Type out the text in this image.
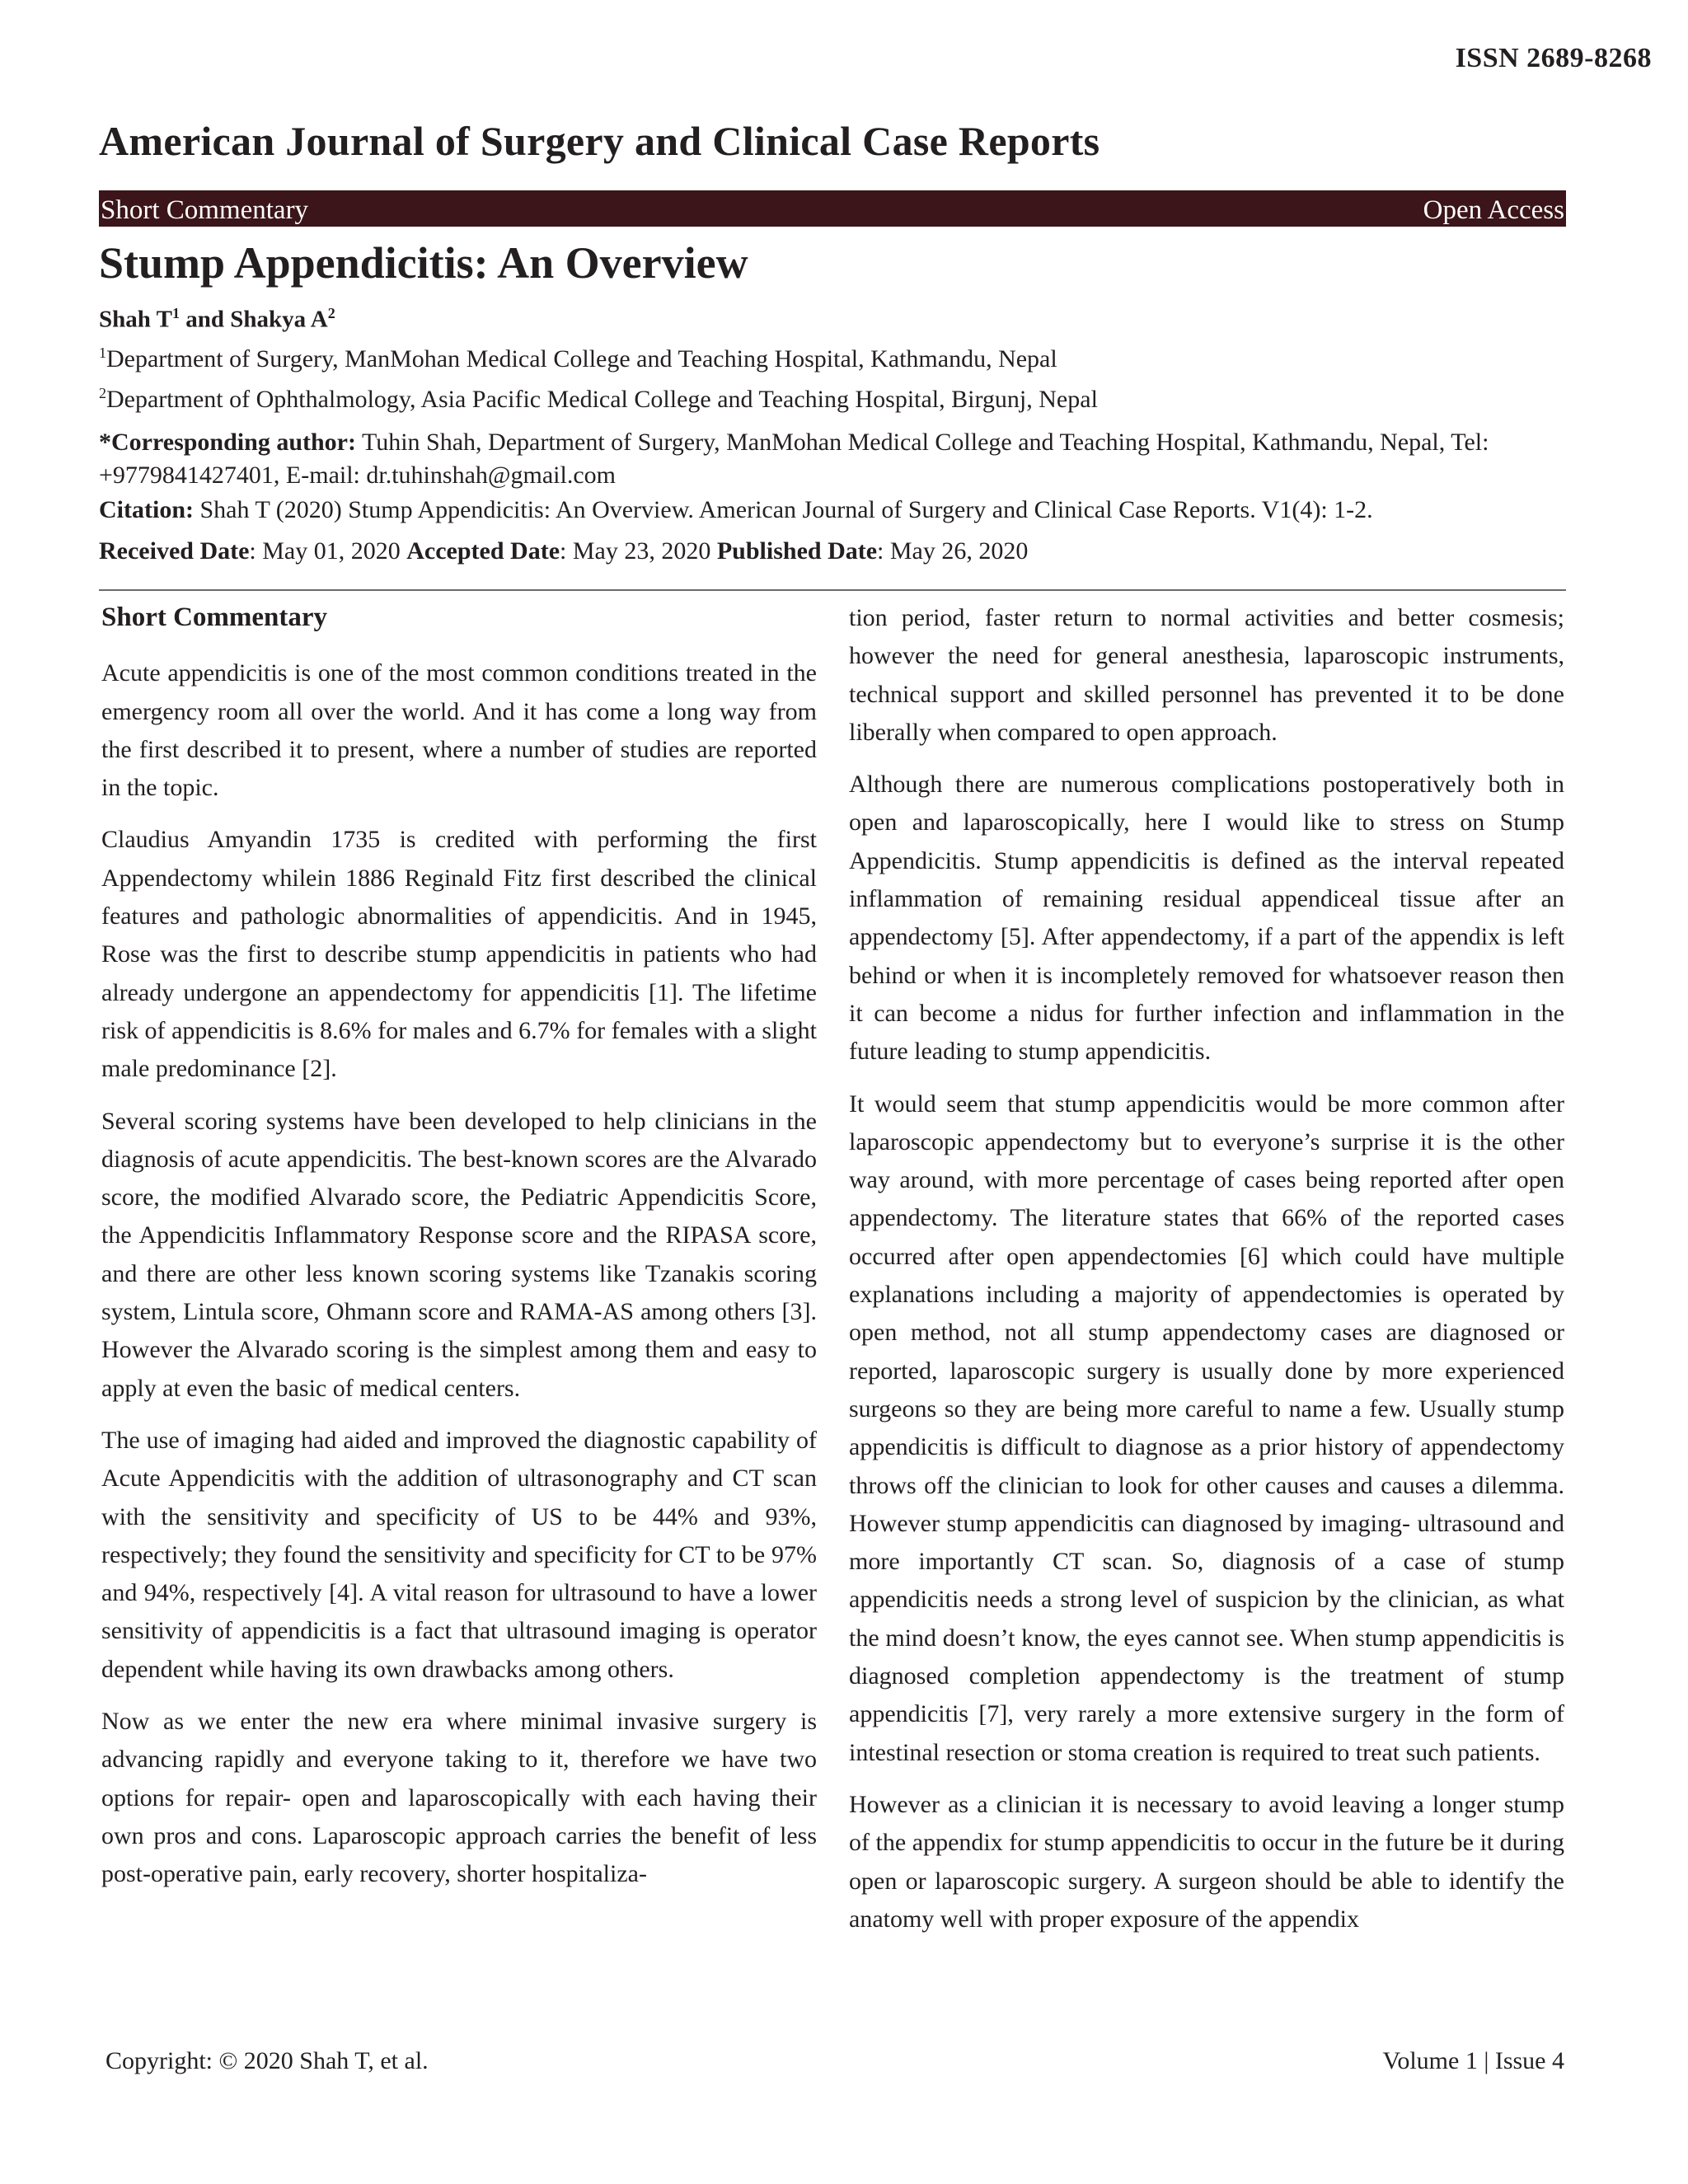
ISSN 2689-8268
American Journal of Surgery and Clinical Case Reports
Short Commentary	Open Access
Stump Appendicitis: An Overview
Shah $T^1$ and Shakya $A^2$
$^1$Department of Surgery, ManMohan Medical College and Teaching Hospital, Kathmandu, Nepal
$^2$Department of Ophthalmology, Asia Pacific Medical College and Teaching Hospital, Birgunj, Nepal
*Corresponding author: Tuhin Shah, Department of Surgery, ManMohan Medical College and Teaching Hospital, Kathmandu, Nepal, Tel: +9779841427401, E-mail: dr.tuhinshah@gmail.com
Citation: Shah T (2020) Stump Appendicitis: An Overview. American Journal of Surgery and Clinical Case Reports. V1(4): 1-2.
Received Date: May 01, 2020 Accepted Date: May 23, 2020 Published Date: May 26, 2020
Short Commentary

Acute appendicitis is one of the most common conditions treated in the emergency room all over the world. And it has come a long way from the first described it to present, where a number of studies are reported in the topic.

Claudius Amyandin 1735 is credited with performing the first Appendectomy whilein 1886 Reginald Fitz first described the clinical features and pathologic abnormalities of appendicitis. And in 1945, Rose was the first to describe stump appendicitis in patients who had already undergone an appendectomy for appendicitis [1]. The lifetime risk of appendicitis is 8.6% for males and 6.7% for females with a slight male predominance [2].

Several scoring systems have been developed to help clinicians in the diagnosis of acute appendicitis. The best-known scores are the Alvarado score, the modified Alvarado score, the Pediatric Appendicitis Score, the Appendicitis Inflammatory Response score and the RIPASA score, and there are other less known scoring systems like Tzanakis scoring system, Lintula score, Ohmann score and RAMA-AS among others [3]. However the Alvarado scoring is the simplest among them and easy to apply at even the basic of medical centers.

The use of imaging had aided and improved the diagnostic capability of Acute Appendicitis with the addition of ultrasonography and CT scan with the sensitivity and specificity of US to be 44% and 93%, respectively; they found the sensitivity and specificity for CT to be 97% and 94%, respectively [4]. A vital reason for ultrasound to have a lower sensitivity of appendicitis is a fact that ultrasound imaging is operator dependent while having its own drawbacks among others.

Now as we enter the new era where minimal invasive surgery is advancing rapidly and everyone taking to it, therefore we have two options for repair- open and laparoscopically with each having their own pros and cons. Laparoscopic approach carries the benefit of less post-operative pain, early recovery, shorter hospitaliza-

tion period, faster return to normal activities and better cosmesis; however the need for general anesthesia, laparoscopic instruments, technical support and skilled personnel has prevented it to be done liberally when compared to open approach.

Although there are numerous complications postoperatively both in open and laparoscopically, here I would like to stress on Stump Appendicitis. Stump appendicitis is defined as the interval repeated inflammation of remaining residual appendiceal tissue after an appendectomy [5]. After appendectomy, if a part of the appendix is left behind or when it is incompletely removed for whatsoever reason then it can become a nidus for further infection and inflammation in the future leading to stump appendicitis.

It would seem that stump appendicitis would be more common after laparoscopic appendectomy but to everyone’s surprise it is the other way around, with more percentage of cases being reported after open appendectomy. The literature states that 66% of the reported cases occurred after open appendectomies [6] which could have multiple explanations including a majority of appendectomies is operated by open method, not all stump appendectomy cases are diagnosed or reported, laparoscopic surgery is usually done by more experienced surgeons so they are being more careful to name a few. Usually stump appendicitis is difficult to diagnose as a prior history of appendectomy throws off the clinician to look for other causes and causes a dilemma. However stump appendicitis can diagnosed by imaging- ultrasound and more importantly CT scan. So, diagnosis of a case of stump appendicitis needs a strong level of suspicion by the clinician, as what the mind doesn’t know, the eyes cannot see. When stump appendicitis is diagnosed completion appendectomy is the treatment of stump appendicitis [7], very rarely a more extensive surgery in the form of intestinal resection or stoma creation is required to treat such patients.

However as a clinician it is necessary to avoid leaving a longer stump of the appendix for stump appendicitis to occur in the future be it during open or laparoscopic surgery. A surgeon should be able to identify the anatomy well with proper exposure of the appendix

Copyright: © 2020 Shah T, et al.	Volume 1 | Issue 4
